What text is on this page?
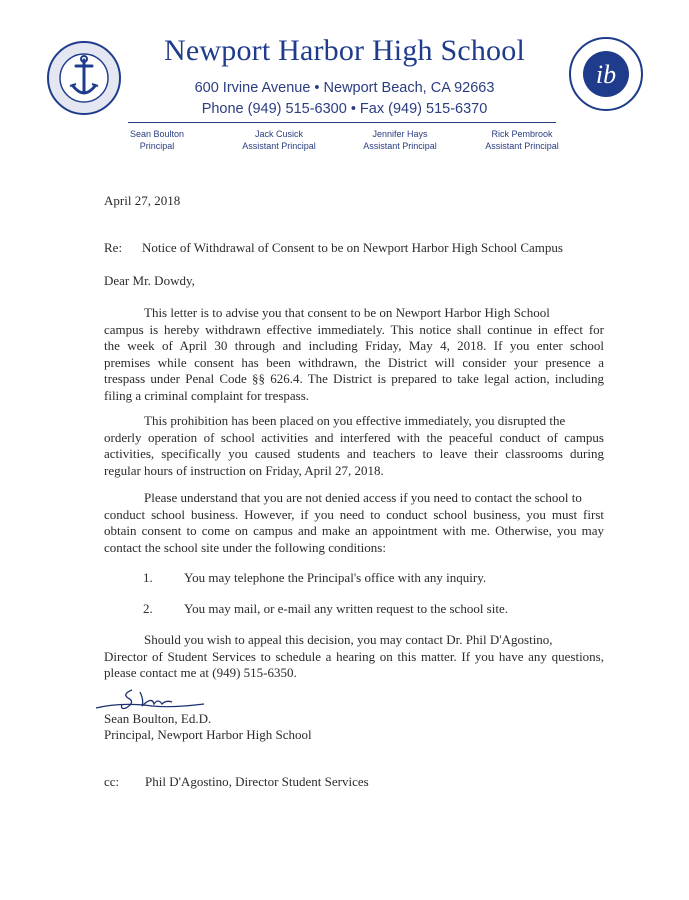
ib
Newport Harbor High School
600 Irvine Avenue • Newport Beach, CA 92663
Phone (949) 515-6300 • Fax (949) 515-6370
Sean Boulton
Principal
Jack Cusick
Assistant Principal
Jennifer Hays
Assistant Principal
Rick Pembrook
Assistant Principal
April 27, 2018
Re: Notice of Withdrawal of Consent to be on Newport Harbor High School Campus
Dear Mr. Dowdy,
This letter is to advise you that consent to be on Newport Harbor High School
campus is hereby withdrawn effective immediately. This notice shall continue in effect for
the week of April 30 through and including Friday, May 4, 2018. If you enter school
premises while consent has been withdrawn, the District will consider your presence a
trespass under Penal Code §§ 626.4. The District is prepared to take legal action, including
filing a criminal complaint for trespass.
This prohibition has been placed on you effective immediately, you disrupted the
orderly operation of school activities and interfered with the peaceful conduct of campus
activities, specifically you caused students and teachers to leave their classrooms during
regular hours of instruction on Friday, April 27, 2018.
Please understand that you are not denied access if you need to contact the school to
conduct school business. However, if you need to conduct school business, you must first
obtain consent to come on campus and make an appointment with me. Otherwise, you may
contact the school site under the following conditions:
1. You may telephone the Principal's office with any inquiry.
2. You may mail, or e-mail any written request to the school site.
Should you wish to appeal this decision, you may contact Dr. Phil D'Agostino,
Director of Student Services to schedule a hearing on this matter. If you have any questions,
please contact me at (949) 515-6350.
Sean Boulton, Ed.D.
Principal, Newport Harbor High School
cc: Phil D'Agostino, Director Student Services
